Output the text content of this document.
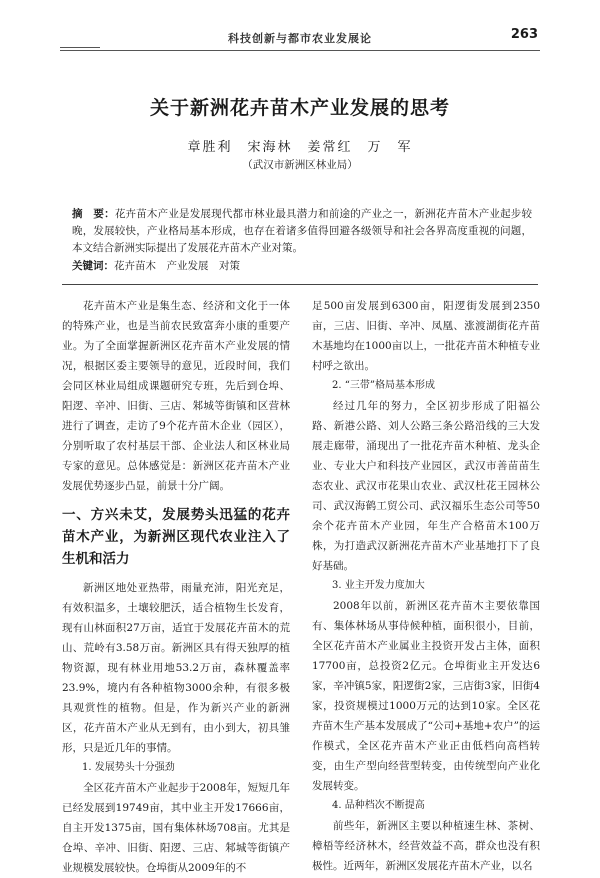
科技创新与都市农业发展论	263
关于新洲花卉苗木产业发展的思考
章胜利　宋海林　姜常红　万　军
（武汉市新洲区林业局）
摘　要：花卉苗木产业是发展现代都市林业最具潜力和前途的产业之一，新洲花卉苗木产业起步较晚，发展较快，产业格局基本形成，也存在着诸多值得回避各级领导和社会各界高度重视的问题，本文结合新洲实际提出了发展花卉苗木产业对策。
关键词：花卉苗木　产业发展　对策

花卉苗木产业是集生态、经济和文化于一体的特殊产业，也是当前农民致富奔小康的重要产业。为了全面掌握新洲区花卉苗木产业发展的情况，根据区委主要领导的意见，近段时间，我们会同区林业局组成课题研究专班，先后到仓埠、阳逻、辛冲、旧街、三店、邾城等街镇和区营林进行了调查，走访了9个花卉苗木企业（园区），分别听取了农村基层干部、企业法人和区林业局专家的意见。总体感觉是：新洲区花卉苗木产业发展优势逐步凸显，前景十分广阔。

一、方兴未艾，发展势头迅猛的花卉苗木产业，为新洲区现代农业注入了生机和活力

新洲区地处亚热带，雨量充沛，阳光充足，有效积温多，土壤较肥沃，适合植物生长发育，现有山林面积27万亩，适宜于发展花卉苗木的荒山、荒岭有3.58万亩。新洲区具有得天独厚的植物资源，现有林业用地53.2万亩，森林覆盖率23.9%，境内有各种植物3000余种，有很多极具观赏性的植物。但是，作为新兴产业的新洲区，花卉苗木产业从无到有，由小到大，初具雏形，只是近几年的事情。

1. 发展势头十分强劲

全区花卉苗木产业起步于2008年，短短几年已经发展到19749亩，其中业主开发17666亩，自主开发1375亩，国有集体林场708亩。尤其是仓埠、辛冲、旧街、阳逻、三店、邾城等街镇产业规模发展较快。仓埠街从2009年的不

足500亩发展到6300亩，阳逻街发展到2350亩，三店、旧街、辛冲、凤凰、涨渡湖街花卉苗木基地均在1000亩以上，一批花卉苗木种植专业村呼之欲出。

2. “三带”格局基本形成

经过几年的努力，全区初步形成了阳福公路、新港公路、刘人公路三条公路沿线的三大发展走廊带，涌现出了一批花卉苗木种植、龙头企业、专业大户和科技产业园区，武汉市善苗苗生态农业、武汉市花果山农业、武汉杜花王园林公司、武汉海鹤工贸公司、武汉福乐生态公司等50余个花卉苗木产业园，年生产合格苗木100万株，为打造武汉新洲花卉苗木产业基地打下了良好基础。

3. 业主开发力度加大

2008年以前，新洲区花卉苗木主要依靠国有、集体林场从事侍候种植，面积很小，目前，全区花卉苗木产业属业主投资开发占主体，面积17700亩，总投资2亿元。仓埠街业主开发达6家，辛冲镇5家，阳逻街2家，三店街3家，旧街4家，投资规模过1000万元的达到10家。全区花卉苗木生产基本发展成了“公司+基地+农户”的运作模式，全区花卉苗木产业正由低档向高档转变，由生产型向经营型转变，由传统型向产业化发展转变。

4. 品种档次不断提高

前些年，新洲区主要以种植速生林、茶树、樟梧等经济林木，经营效益不高，群众也没有积极性。近两年，新洲区发展花卉苗木产业，以名
